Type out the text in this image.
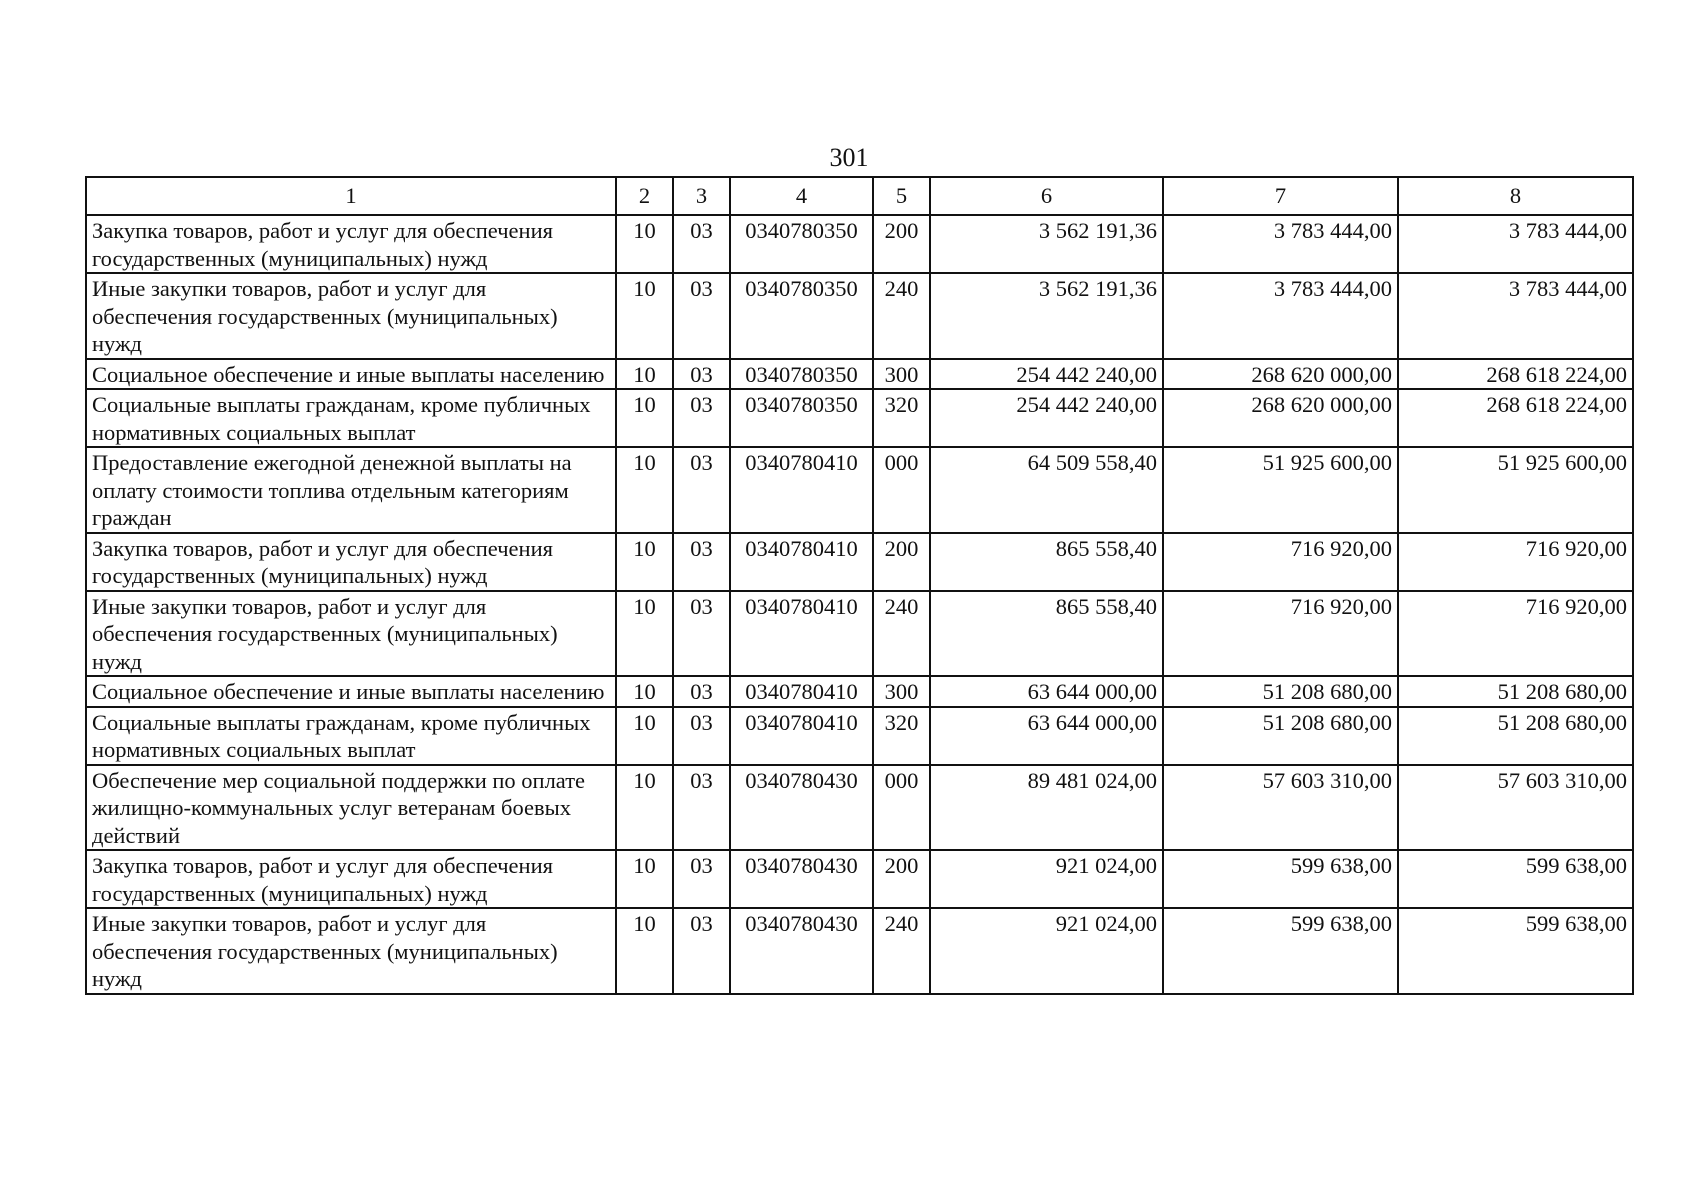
301
1	2	3	4	5	6	7	8
Закупка товаров, работ и услуг для обеспечения государственных (муниципальных) нужд	10	03	0340780350	200	3 562 191,36	3 783 444,00	3 783 444,00
Иные закупки товаров, работ и услуг для обеспечения государственных (муниципальных) нужд	10	03	0340780350	240	3 562 191,36	3 783 444,00	3 783 444,00
Социальное обеспечение и иные выплаты населению	10	03	0340780350	300	254 442 240,00	268 620 000,00	268 618 224,00
Социальные выплаты гражданам, кроме публичных нормативных социальных выплат	10	03	0340780350	320	254 442 240,00	268 620 000,00	268 618 224,00
Предоставление ежегодной денежной выплаты на оплату стоимости топлива отдельным категориям граждан	10	03	0340780410	000	64 509 558,40	51 925 600,00	51 925 600,00
Закупка товаров, работ и услуг для обеспечения государственных (муниципальных) нужд	10	03	0340780410	200	865 558,40	716 920,00	716 920,00
Иные закупки товаров, работ и услуг для обеспечения государственных (муниципальных) нужд	10	03	0340780410	240	865 558,40	716 920,00	716 920,00
Социальное обеспечение и иные выплаты населению	10	03	0340780410	300	63 644 000,00	51 208 680,00	51 208 680,00
Социальные выплаты гражданам, кроме публичных нормативных социальных выплат	10	03	0340780410	320	63 644 000,00	51 208 680,00	51 208 680,00
Обеспечение мер социальной поддержки по оплате жилищно-коммунальных услуг ветеранам боевых действий	10	03	0340780430	000	89 481 024,00	57 603 310,00	57 603 310,00
Закупка товаров, работ и услуг для обеспечения государственных (муниципальных) нужд	10	03	0340780430	200	921 024,00	599 638,00	599 638,00
Иные закупки товаров, работ и услуг для обеспечения государственных (муниципальных) нужд	10	03	0340780430	240	921 024,00	599 638,00	599 638,00
